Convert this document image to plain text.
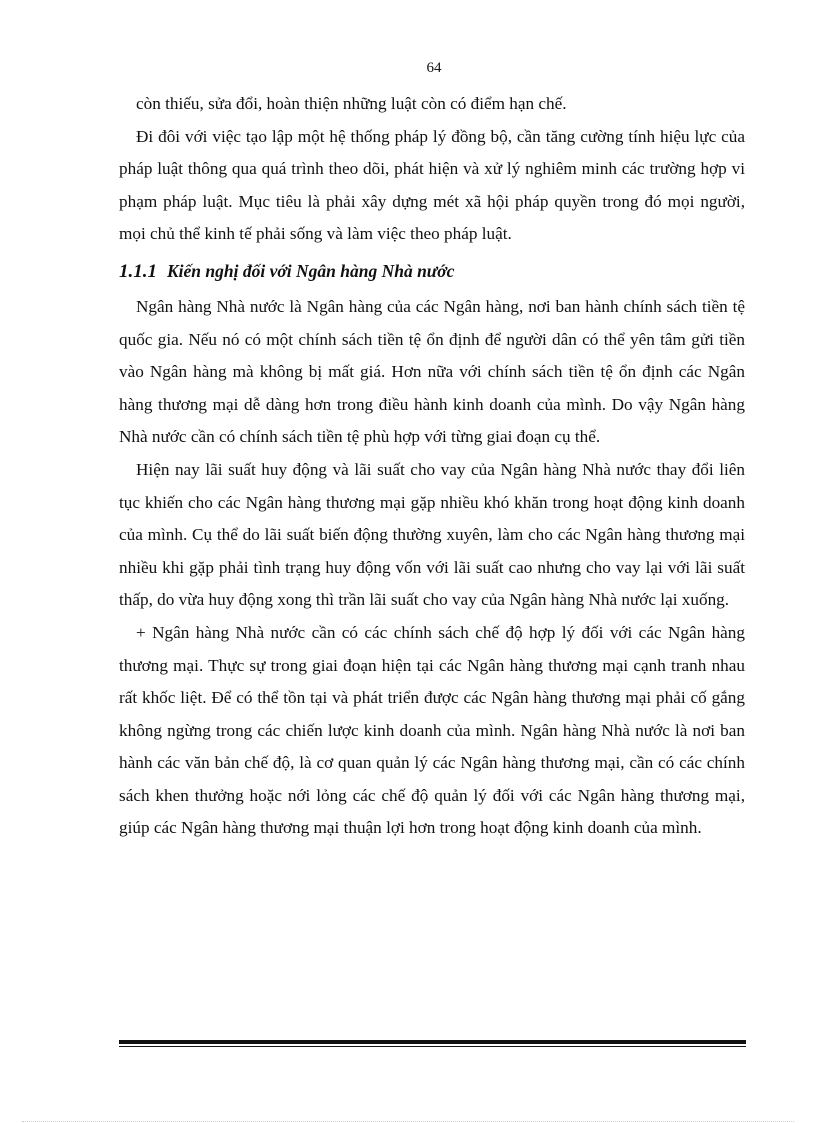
64

còn thiếu, sửa đổi, hoàn thiện những luật còn có điểm hạn chế.

Đi đôi với việc tạo lập một hệ thống pháp lý đồng bộ, cần tăng cường tính hiệu lực của pháp luật thông qua quá trình theo dõi, phát hiện và xử lý nghiêm minh các trường hợp vi phạm pháp luật. Mục tiêu là phải xây dựng mét xã hội pháp quyền trong đó mọi người, mọi chủ thể kinh tế phải sống và làm việc theo pháp luật.

1.1.1 Kiến nghị đối với Ngân hàng Nhà nước

Ngân hàng Nhà nước là Ngân hàng của các Ngân hàng, nơi ban hành chính sách tiền tệ quốc gia. Nếu nó có một chính sách tiền tệ ổn định để người dân có thể yên tâm gửi tiền vào Ngân hàng mà không bị mất giá. Hơn nữa với chính sách tiền tệ ổn định các Ngân hàng thương mại dễ dàng hơn trong điều hành kinh doanh của mình. Do vậy Ngân hàng Nhà nước cần có chính sách tiền tệ phù hợp với từng giai đoạn cụ thể.

Hiện nay lãi suất huy động và lãi suất cho vay của Ngân hàng Nhà nước thay đổi liên tục khiến cho các Ngân hàng thương mại gặp nhiều khó khăn trong hoạt động kinh doanh của mình. Cụ thể do lãi suất biến động thường xuyên, làm cho các Ngân hàng thương mại nhiều khi gặp phải tình trạng huy động vốn với lãi suất cao nhưng cho vay lại với lãi suất thấp, do vừa huy động xong thì trần lãi suất cho vay của Ngân hàng Nhà nước lại xuống.

+ Ngân hàng Nhà nước cần có các chính sách chế độ hợp lý đối với các Ngân hàng thương mại. Thực sự trong giai đoạn hiện tại các Ngân hàng thương mại cạnh tranh nhau rất khốc liệt. Để có thể tồn tại và phát triển được các Ngân hàng thương mại phải cố gắng không ngừng trong các chiến lược kinh doanh của mình. Ngân hàng Nhà nước là nơi ban hành các văn bản chế độ, là cơ quan quản lý các Ngân hàng thương mại, cần có các chính sách khen thưởng hoặc nới lỏng các chế độ quản lý đối với các Ngân hàng thương mại, giúp các Ngân hàng thương mại thuận lợi hơn trong hoạt động kinh doanh của mình.
